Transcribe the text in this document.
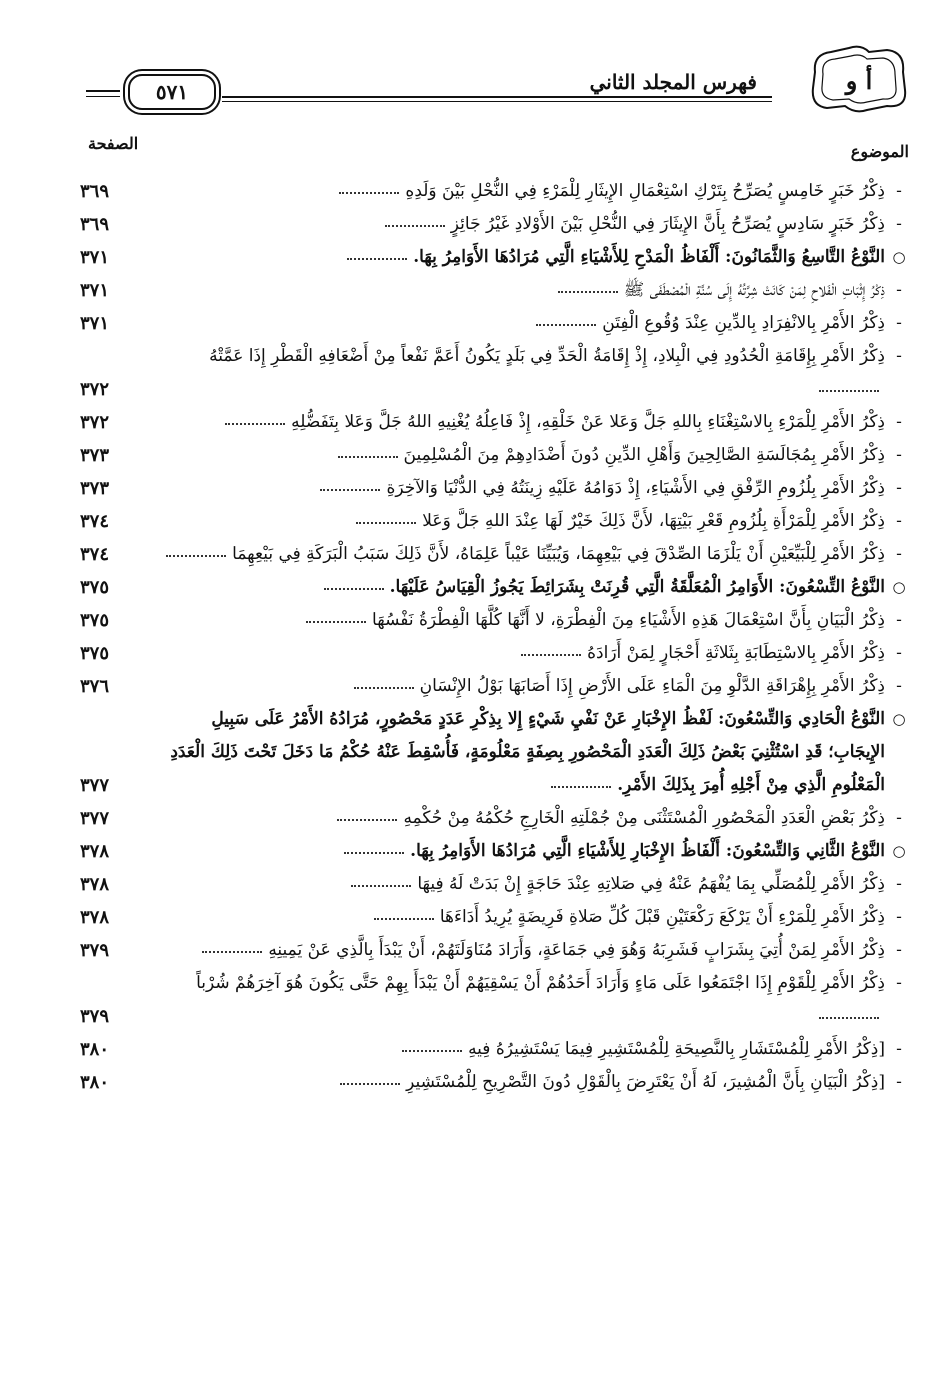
أ و
فهرس المجلد الثاني
٥٧١
الموضوع
الصفحة
-
ذِكْرُ خَبَرٍ خَامِسٍ يُصَرِّحُ بِتَرْكِ اسْتِعْمَالِ الإِيثَارِ لِلْمَرْءِ فِي النُّحْلِ بَيْنَ وَلَدِهِ
٣٦٩
-
ذِكْرُ خَبَرٍ سَادِسٍ يُصَرِّحُ بِأَنَّ الإِيثَارَ فِي النُّحْلِ بَيْنَ الأَوْلادِ غَيْرُ جَائِزٍ
٣٦٩
○
النَّوْعُ التَّاسِعُ وَالثَّمَانُونَ: أَلْفَاظُ الْمَدْحِ لِلأَشْيَاءِ الَّتِي مُرَادُهَا الأَوَامِرُ بِهَا.
٣٧١
-
ذِكْرُ إِثْبَاتِ الْفَلاحِ لِمَنْ كَانَتْ شِرَّتُهُ إِلَى سُنَّةِ الْمُصْطَفَى ﷺ
٣٧١
-
ذِكْرُ الأَمْرِ بِالانْفِرَادِ بِالدِّينِ عِنْدَ وُقُوعِ الْفِتَنِ
٣٧١
-
ذِكْرُ الأَمْرِ بِإِقَامَةِ الْحُدُودِ فِي الْبِلادِ، إِذْ إِقَامَةُ الْحَدِّ فِي بَلَدٍ يَكُونُ أَعَمَّ نَفْعاً مِنْ أَضْعَافِهِ الْقَطْرِ إِذَا عَمَّتْهُ
٣٧٢
-
ذِكْرُ الأَمْرِ لِلْمَرْءِ بِالاسْتِغْنَاءِ بِاللهِ جَلَّ وَعَلا عَنْ خَلْقِهِ، إِذْ فَاعِلُهُ يُغْنِيهِ اللهُ جَلَّ وَعَلا بِتَفَضُّلِهِ
٣٧٢
-
ذِكْرُ الأَمْرِ بِمُجَالَسَةِ الصَّالِحِينَ وَأَهْلِ الدِّينِ دُونَ أَضْدَادِهِمْ مِنَ الْمُسْلِمِينَ
٣٧٣
-
ذِكْرُ الأَمْرِ بِلُزُومِ الرِّفْقِ فِي الأَشْيَاءِ، إِذْ دَوَامُهُ عَلَيْهِ زِينَتُهُ فِي الدُّنْيَا وَالآخِرَةِ
٣٧٣
-
ذِكْرُ الأَمْرِ لِلْمَرْأَةِ بِلُزُومِ قَعْرِ بَيْتِهَا، لأَنَّ ذَلِكَ خَيْرٌ لَهَا عِنْدَ اللهِ جَلَّ وَعَلا
٣٧٤
-
ذِكْرُ الأَمْرِ لِلْبَيِّعَيْنِ أَنْ يَلْزَمَا الصِّدْقَ فِي بَيْعِهِمَا، وَيُبَيِّنَا عَيْباً عَلِمَاهُ، لأَنَّ ذَلِكَ سَبَبُ الْبَرَكَةِ فِي بَيْعِهِمَا
٣٧٤
○
النَّوْعُ التِّسْعُونَ: الأَوَامِرُ الْمُعَلَّقَةُ الَّتِي قُرِنَتْ بِشَرَائِطَ يَجُوزُ الْقِيَاسُ عَلَيْهَا.
٣٧٥
-
ذِكْرُ الْبَيَانِ بِأَنَّ اسْتِعْمَالَ هَذِهِ الأَشْيَاءِ مِنَ الْفِطْرَةِ، لا أَنَّهَا كُلَّهَا الْفِطْرَةُ نَفْسُهَا
٣٧٥
-
ذِكْرُ الأَمْرِ بِالاسْتِطَابَةِ بِثَلاثَةِ أَحْجَارٍ لِمَنْ أَرَادَهُ
٣٧٥
-
ذِكْرُ الأَمْرِ بِإِهْرَاقَةِ الدَّلْوِ مِنَ الْمَاءِ عَلَى الأَرْضِ إِذَا أَصَابَهَا بَوْلُ الإِنْسَانِ
٣٧٦
○
النَّوْعُ الْحَادِي وَالتِّسْعُونَ: لَفْظُ الإِخْبَارِ عَنْ نَفْيِ شَيْءٍ إِلا بِذِكْرِ عَدَدٍ مَحْصُورٍ، مُرَادُهُ الأَمْرُ عَلَى سَبِيلِ الإِيجَابِ؛ قَدِ اسْتُثْنِيَ بَعْضُ ذَلِكَ الْعَدَدِ الْمَحْصُورِ بِصِفَةٍ مَعْلُومَةٍ، فَأُسْقِطَ عَنْهُ حُكْمُ مَا دَخَلَ تَحْتَ ذَلِكَ الْعَدَدِ الْمَعْلُومِ الَّذِي مِنْ أَجْلِهِ أُمِرَ بِذَلِكَ الأَمْرِ.
٣٧٧
-
ذِكْرُ بَعْضِ الْعَدَدِ الْمَحْصُورِ الْمُسْتَثْنَى مِنْ جُمْلَتِهِ الْخَارِجِ حُكْمُهُ مِنْ حُكْمِهِ
٣٧٧
○
النَّوْعُ الثَّانِي وَالتِّسْعُونَ: أَلْفَاظُ الإِخْبَارِ لِلأَشْيَاءِ الَّتِي مُرَادُهَا الأَوَامِرُ بِهَا.
٣٧٨
-
ذِكْرُ الأَمْرِ لِلْمُصَلِّي بِمَا يُفْهَمُ عَنْهُ فِي صَلاتِهِ عِنْدَ حَاجَةٍ إِنْ بَدَتْ لَهُ فِيهَا
٣٧٨
-
ذِكْرُ الأَمْرِ لِلْمَرْءِ أَنْ يَرْكَعَ رَكْعَتَيْنِ قَبْلَ كُلِّ صَلاةِ فَرِيضَةٍ يُرِيدُ أَدَاءَهَا
٣٧٨
-
ذِكْرُ الأَمْرِ لِمَنْ أُتِيَ بِشَرَابٍ فَشَرِبَهُ وَهُوَ فِي جَمَاعَةٍ، وَأَرَادَ مُنَاوَلَتَهُمْ، أَنْ يَبْدَأَ بِالَّذِي عَنْ يَمِينِهِ
٣٧٩
-
ذِكْرُ الأَمْرِ لِلْقَوْمِ إِذَا اجْتَمَعُوا عَلَى مَاءٍ وَأَرَادَ أَحَدُهُمْ أَنْ يَسْقِيَهُمْ أَنْ يَبْدَأَ بِهِمْ حَتَّى يَكُونَ هُوَ آخِرَهُمْ شُرْباً
٣٧٩
-
[ذِكْرُ الأَمْرِ لِلْمُسْتَشَارِ بِالنَّصِيحَةِ لِلْمُسْتَشِيرِ فِيمَا يَسْتَشِيرُهُ فِيهِ
٣٨٠
-
[ذِكْرُ الْبَيَانِ بِأَنَّ الْمُشِيرَ، لَهُ أَنْ يَعْتَرِضَ بِالْقَوْلِ دُونَ التَّصْرِيحِ لِلْمُسْتَشِيرِ
٣٨٠
